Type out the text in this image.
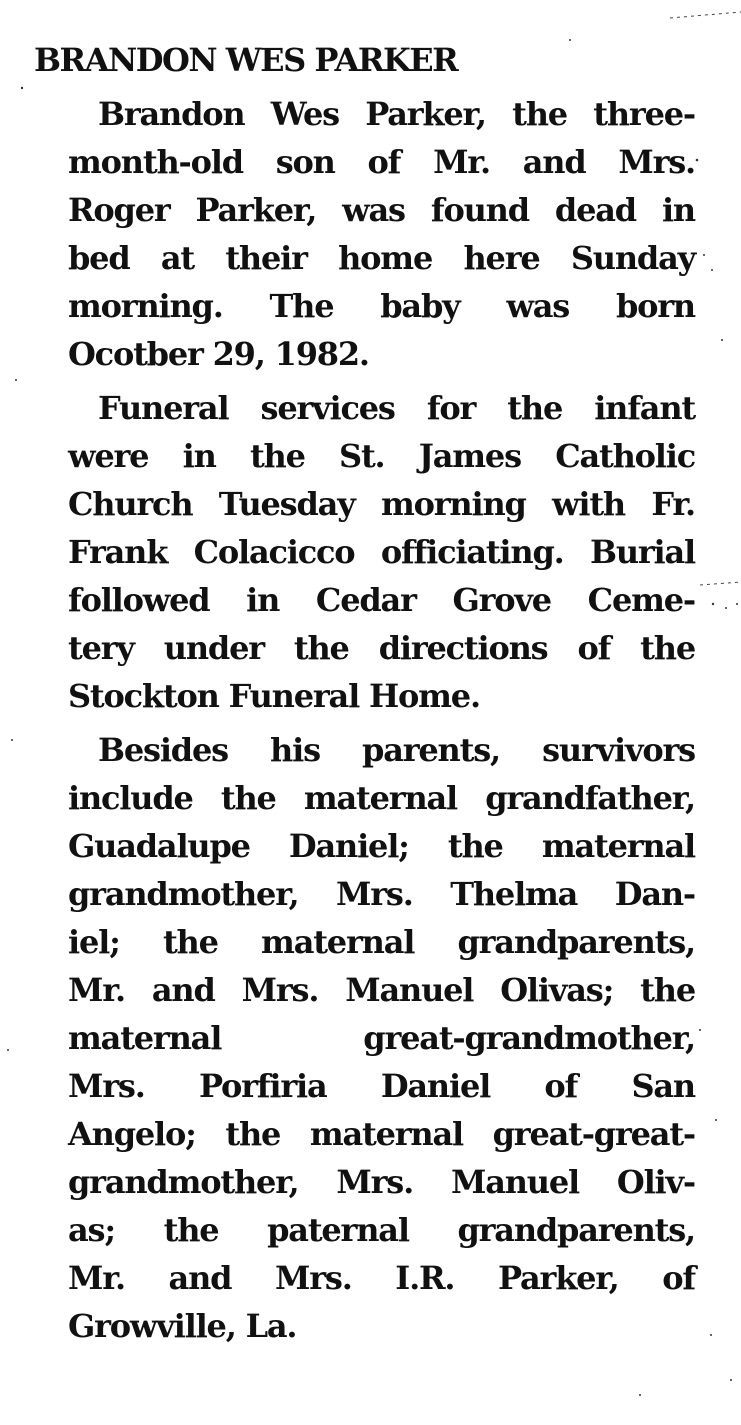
BRANDON WES PARKER
Brandon Wes Parker, the three-
month-old son of Mr. and Mrs.
Roger Parker, was found dead in
bed at their home here Sunday
morning. The baby was born
Ocotber 29, 1982.
Funeral services for the infant
were in the St. James Catholic
Church Tuesday morning with Fr.
Frank Colacicco officiating. Burial
followed in Cedar Grove Ceme-
tery under the directions of the
Stockton Funeral Home.
Besides his parents, survivors
include the maternal grandfather,
Guadalupe Daniel; the maternal
grandmother, Mrs. Thelma Dan-
iel; the maternal grandparents,
Mr. and Mrs. Manuel Olivas; the
maternal great-grandmother,
Mrs. Porfiria Daniel of San
Angelo; the maternal great-great-
grandmother, Mrs. Manuel Oliv-
as; the paternal grandparents,
Mr. and Mrs. I.R. Parker, of
Growville, La.
